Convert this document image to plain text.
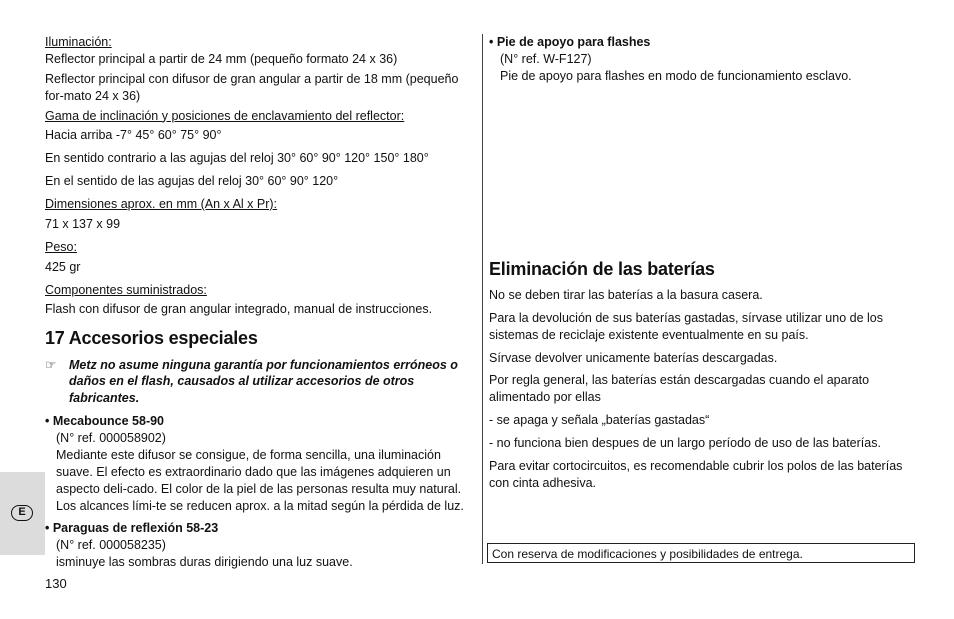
Iluminación:

Reflector principal a partir de 24 mm (pequeño formato 24 x 36)

Reflector principal con difusor de gran angular a partir de 18 mm (pequeño for-mato 24 x 36)

Gama de inclinación y posiciones de enclavamiento del reflector:

Hacia arriba -7° 45° 60° 75° 90°

En sentido contrario a las agujas del reloj 30° 60° 90° 120° 150° 180°

En el sentido de las agujas del reloj 30° 60° 90° 120°

Dimensiones aprox. en mm (An x Al x Pr):

71 x 137 x 99

Peso:

425 gr

Componentes suministrados:

Flash con difusor de gran angular integrado, manual de instrucciones.

17 Accesorios especiales
☞	Metz no asume ninguna garantía por funcionamientos erróneos o daños en el flash, causados al utilizar accesorios de otros fabricantes.

• Mecabounce 58-90

(N° ref. 000058902)

Mediante este difusor se consigue, de forma sencilla, una iluminación suave. El efecto es extraordinario dado que las imágenes adquieren un aspecto deli-cado. El color de la piel de las personas resulta muy natural. Los alcances lími-te se reducen aprox. a la mitad según la pérdida de luz.

• Paraguas de reflexión 58-23

(N° ref. 000058235)

isminuye las sombras duras dirigiendo una luz suave.

• Pie de apoyo para flashes

(N° ref. W-F127)

Pie de apoyo para flashes en modo de funcionamiento esclavo.

Eliminación de las baterías

No se deben tirar las baterías a la basura casera.

Para la devolución de sus baterías gastadas, sírvase utilizar uno de los sistemas de reciclaje existente eventualmente en su país.

Sírvase devolver unicamente baterías descargadas.

Por regla general, las baterías están descargadas cuando el aparato alimentado por ellas

- se apaga y señala „baterías gastadas“

- no funciona bien despues de un largo período de uso de las baterías.

Para evitar cortocircuitos, es recomendable cubrir los polos de las baterías con cinta adhesiva.

Con reserva de modificaciones y posibilidades de entrega.
E
130
